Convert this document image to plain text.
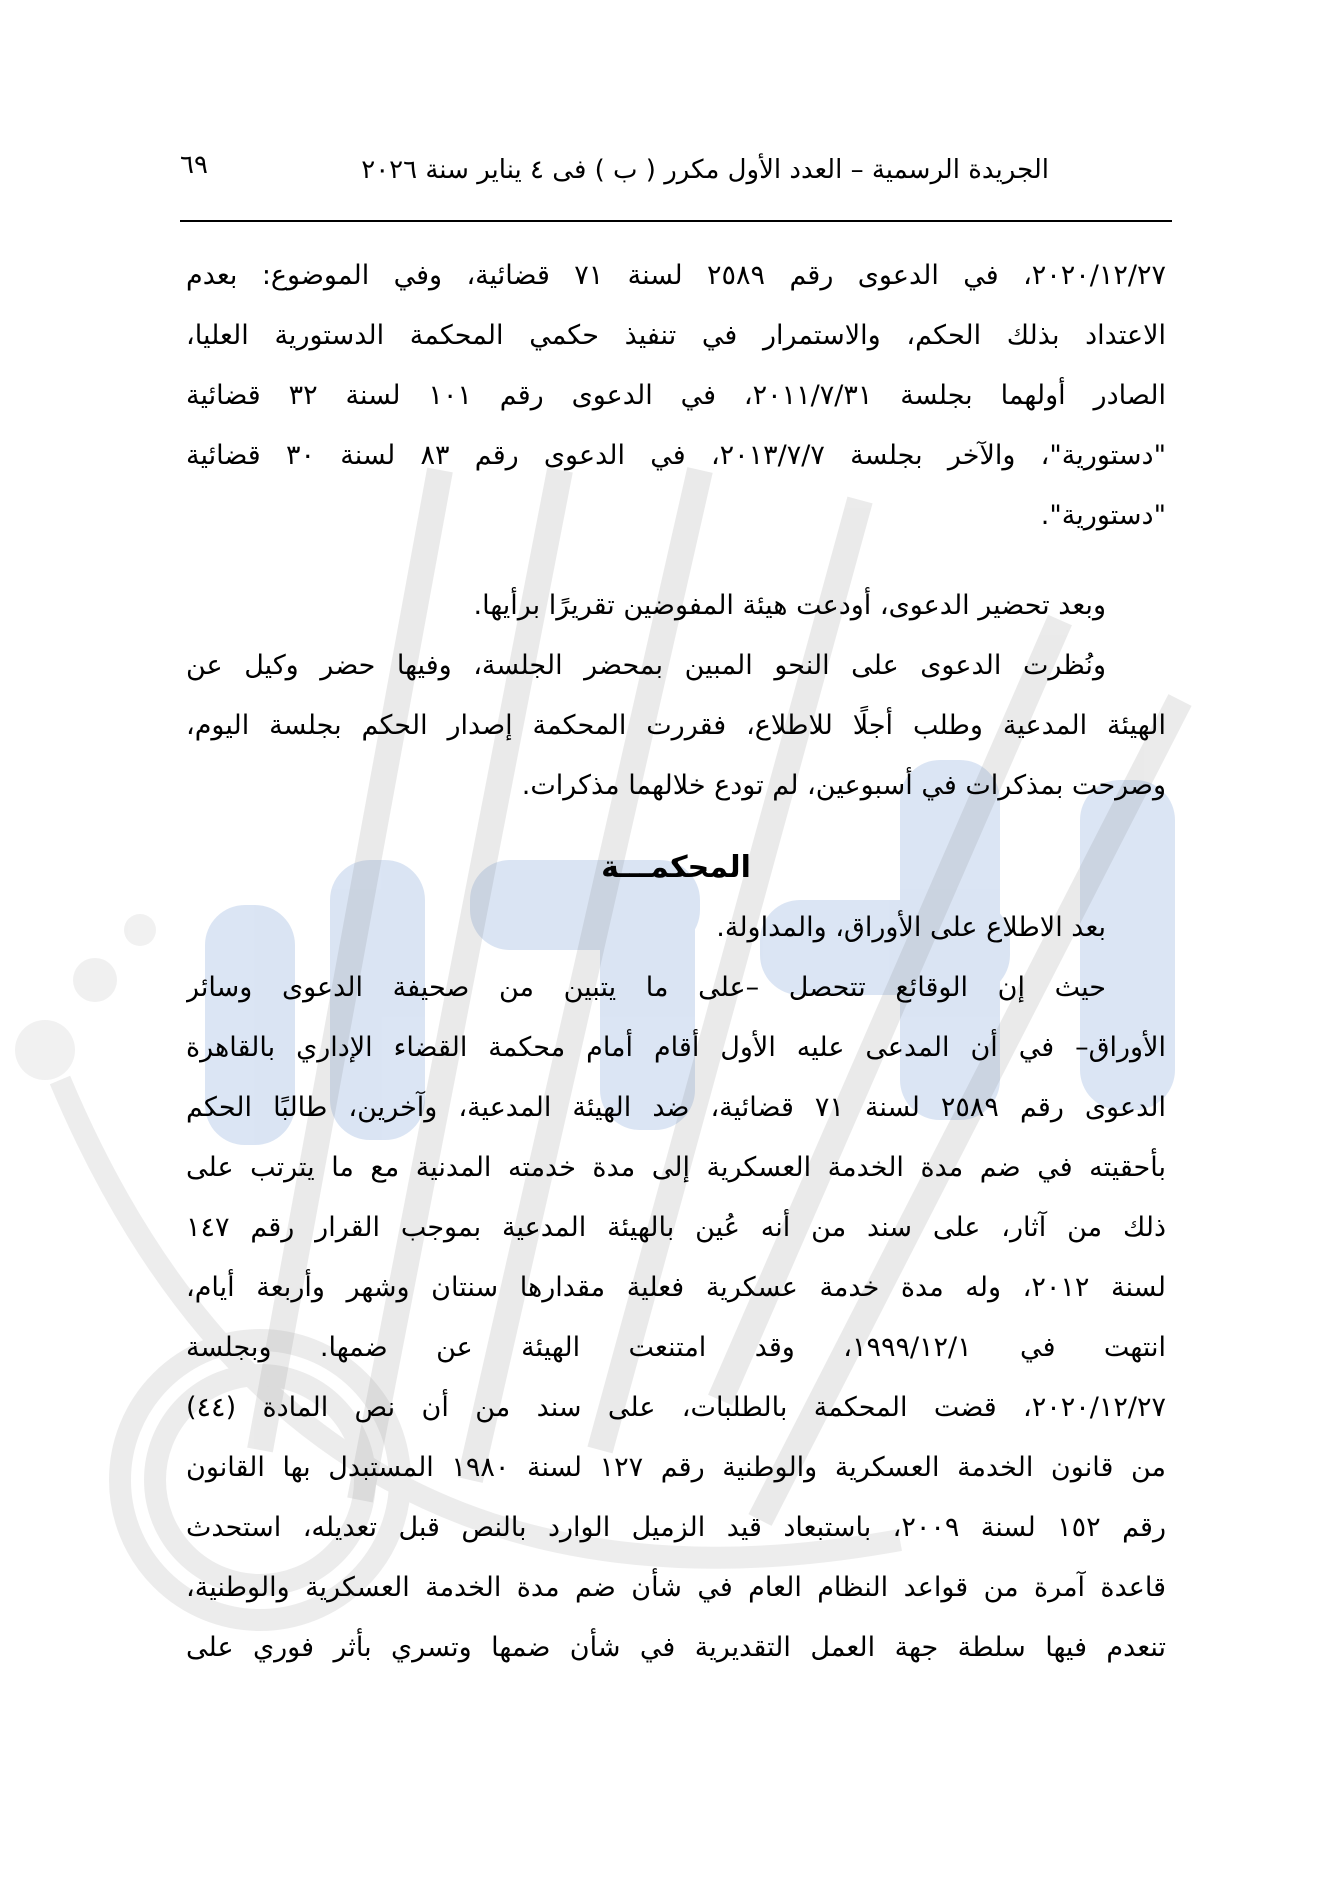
الجريدة الرسمية – العدد الأول مكرر ( ب ) فى ٤ يناير سنة ٢٠٢٦
٦٩
٢٠٢٠/١٢/٢٧، في الدعوى رقم ٢٥٨٩ لسنة ٧١ قضائية، وفي الموضوع: بعدم
الاعتداد بذلك الحكم، والاستمرار في تنفيذ حكمي المحكمة الدستورية العليا،
الصادر أولهما بجلسة ٢٠١١/٧/٣١، في الدعوى رقم ١٠١ لسنة ٣٢ قضائية
"دستورية"، والآخر بجلسة ٢٠١٣/٧/٧، في الدعوى رقم ٨٣ لسنة ٣٠ قضائية
"دستورية".
وبعد تحضير الدعوى، أودعت هيئة المفوضين تقريرًا برأيها.
ونُظرت الدعوى على النحو المبين بمحضر الجلسة، وفيها حضر وكيل عن
الهيئة المدعية وطلب أجلًا للاطلاع، فقررت المحكمة إصدار الحكم بجلسة اليوم،
وصرحت بمذكرات في أسبوعين، لم تودع خلالهما مذكرات.
المحكمـــة
بعد الاطلاع على الأوراق، والمداولة.
حيث إن الوقائع تتحصل –على ما يتبين من صحيفة الدعوى وسائر
الأوراق– في أن المدعى عليه الأول أقام أمام محكمة القضاء الإداري بالقاهرة
الدعوى رقم ٢٥٨٩ لسنة ٧١ قضائية، ضد الهيئة المدعية، وآخرين، طالبًا الحكم
بأحقيته في ضم مدة الخدمة العسكرية إلى مدة خدمته المدنية مع ما يترتب على
ذلك من آثار، على سند من أنه عُين بالهيئة المدعية بموجب القرار رقم ١٤٧
لسنة ٢٠١٢، وله مدة خدمة عسكرية فعلية مقدارها سنتان وشهر وأربعة أيام،
انتهت في ١٩٩٩/١٢/١، وقد امتنعت الهيئة عن ضمها. وبجلسة
٢٠٢٠/١٢/٢٧، قضت المحكمة بالطلبات، على سند من أن نص المادة (٤٤)
من قانون الخدمة العسكرية والوطنية رقم ١٢٧ لسنة ١٩٨٠ المستبدل بها القانون
رقم ١٥٢ لسنة ٢٠٠٩، باستبعاد قيد الزميل الوارد بالنص قبل تعديله، استحدث
قاعدة آمرة من قواعد النظام العام في شأن ضم مدة الخدمة العسكرية والوطنية،
تنعدم فيها سلطة جهة العمل التقديرية في شأن ضمها وتسري بأثر فوري على
